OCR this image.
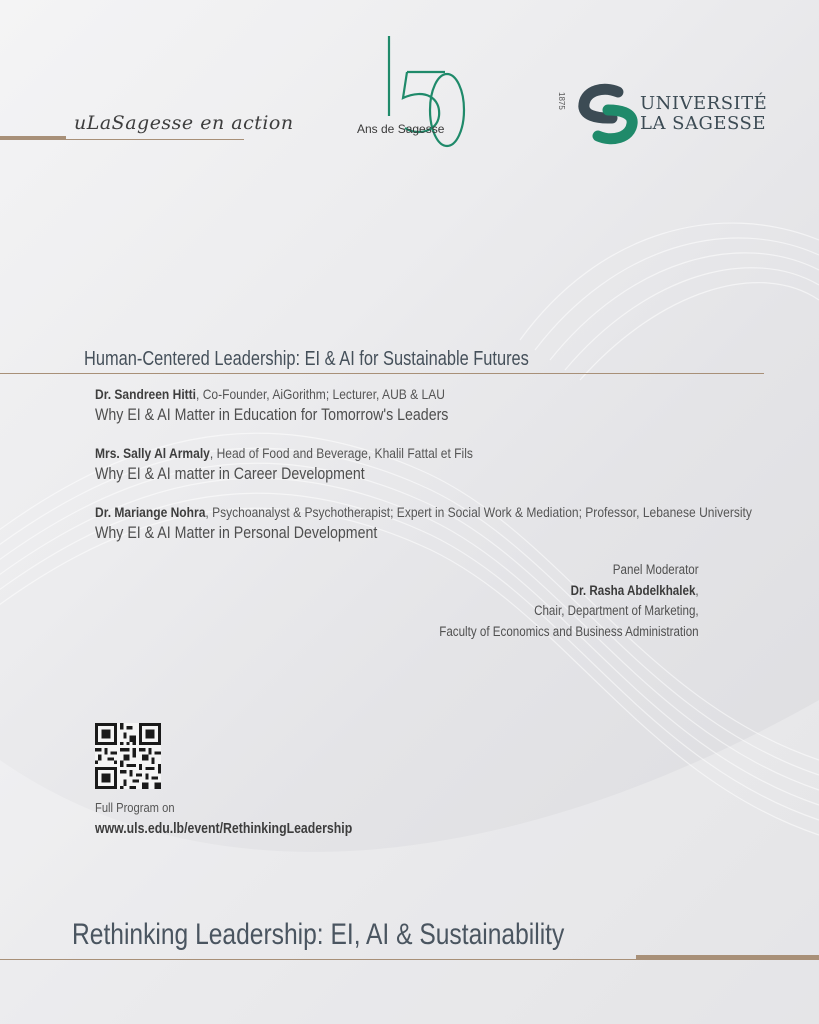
uLaSagesse en action	Ans de Sagesse
1875	UNIVERSITÉ
LA SAGESSE
Human-Centered Leadership: EI & AI for Sustainable Futures
Dr. Sandreen Hitti, Co-Founder, AiGorithm; Lecturer, AUB & LAU
Why EI & AI Matter in Education for Tomorrow's Leaders
Mrs. Sally Al Armaly, Head of Food and Beverage, Khalil Fattal et Fils
Why EI & AI matter in Career Development
Dr. Mariange Nohra, Psychoanalyst & Psychotherapist; Expert in Social Work & Mediation; Professor, Lebanese University
Why EI & AI Matter in Personal Development
Panel Moderator
Dr. Rasha Abdelkhalek,
Chair, Department of Marketing,
Faculty of Economics and Business Administration
Full Program on
www.uls.edu.lb/event/RethinkingLeadership
Rethinking Leadership: EI, AI & Sustainability
